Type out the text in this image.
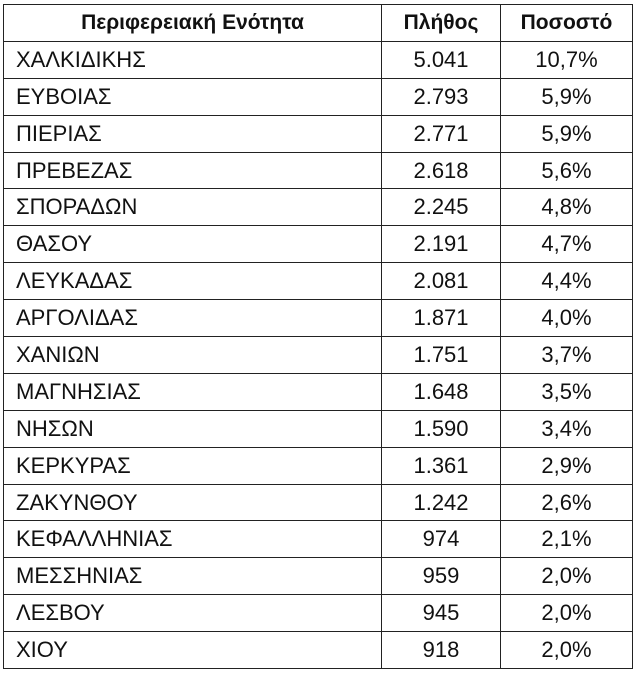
Περιφερειακή Ενότητα	Πλήθος	Ποσοστό
ΧΑΛΚΙΔΙΚΗΣ	5.041	10,7%
ΕΥΒΟΙΑΣ	2.793	5,9%
ΠΙΕΡΙΑΣ	2.771	5,9%
ΠΡΕΒΕΖΑΣ	2.618	5,6%
ΣΠΟΡΑΔΩΝ	2.245	4,8%
ΘΑΣΟΥ	2.191	4,7%
ΛΕΥΚΑΔΑΣ	2.081	4,4%
ΑΡΓΟΛΙΔΑΣ	1.871	4,0%
ΧΑΝΙΩΝ	1.751	3,7%
ΜΑΓΝΗΣΙΑΣ	1.648	3,5%
ΝΗΣΩΝ	1.590	3,4%
ΚΕΡΚΥΡΑΣ	1.361	2,9%
ΖΑΚΥΝΘΟΥ	1.242	2,6%
ΚΕΦΑΛΛΗΝΙΑΣ	974	2,1%
ΜΕΣΣΗΝΙΑΣ	959	2,0%
ΛΕΣΒΟΥ	945	2,0%
ΧΙΟΥ	918	2,0%
